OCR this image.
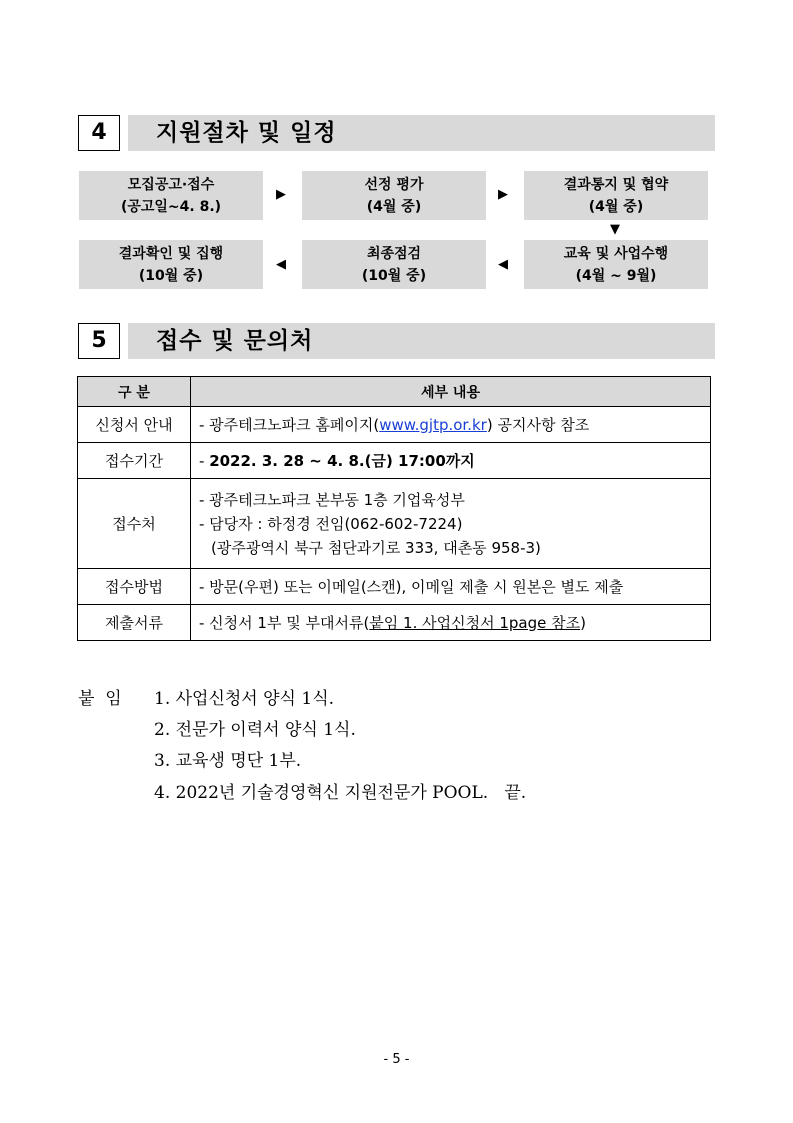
4	지원절차 및 일정
모집공고·접수
(공고일~4. 8.)
▶
선정 평가
(4월 중)
▶
결과통지 및 협약
(4월 중)
▼
교육 및 사업수행
(4월 ~ 9월)
◀
최종점검
(10월 중)
◀
결과확인 및 집행
(10월 중)
5	접수 및 문의처
구 분	세부 내용
신청서 안내	- 광주테크노파크 홈페이지(www.gjtp.or.kr) 공지사항 참조
접수기간	- 2022. 3. 28 ~ 4. 8.(금) 17:00까지
접수처	- 광주테크노파크 본부동 1층 기업육성부
- 담당자 : 하정경 전임(062-602-7224)
(광주광역시 북구 첨단과기로 333, 대촌동 958-3)

접수방법	- 방문(우편) 또는 이메일(스캔), 이메일 제출 시 원본은 별도 제출
제출서류	- 신청서 1부 및 부대서류(붙임 1. 사업신청서 1page 참조)
붙  임 1. 사업신청서 양식 1식.
2. 전문가 이력서 양식 1식.
3. 교육생 명단 1부.
4. 2022년 기술경영혁신 지원전문가 POOL.   끝.
- 5 -
